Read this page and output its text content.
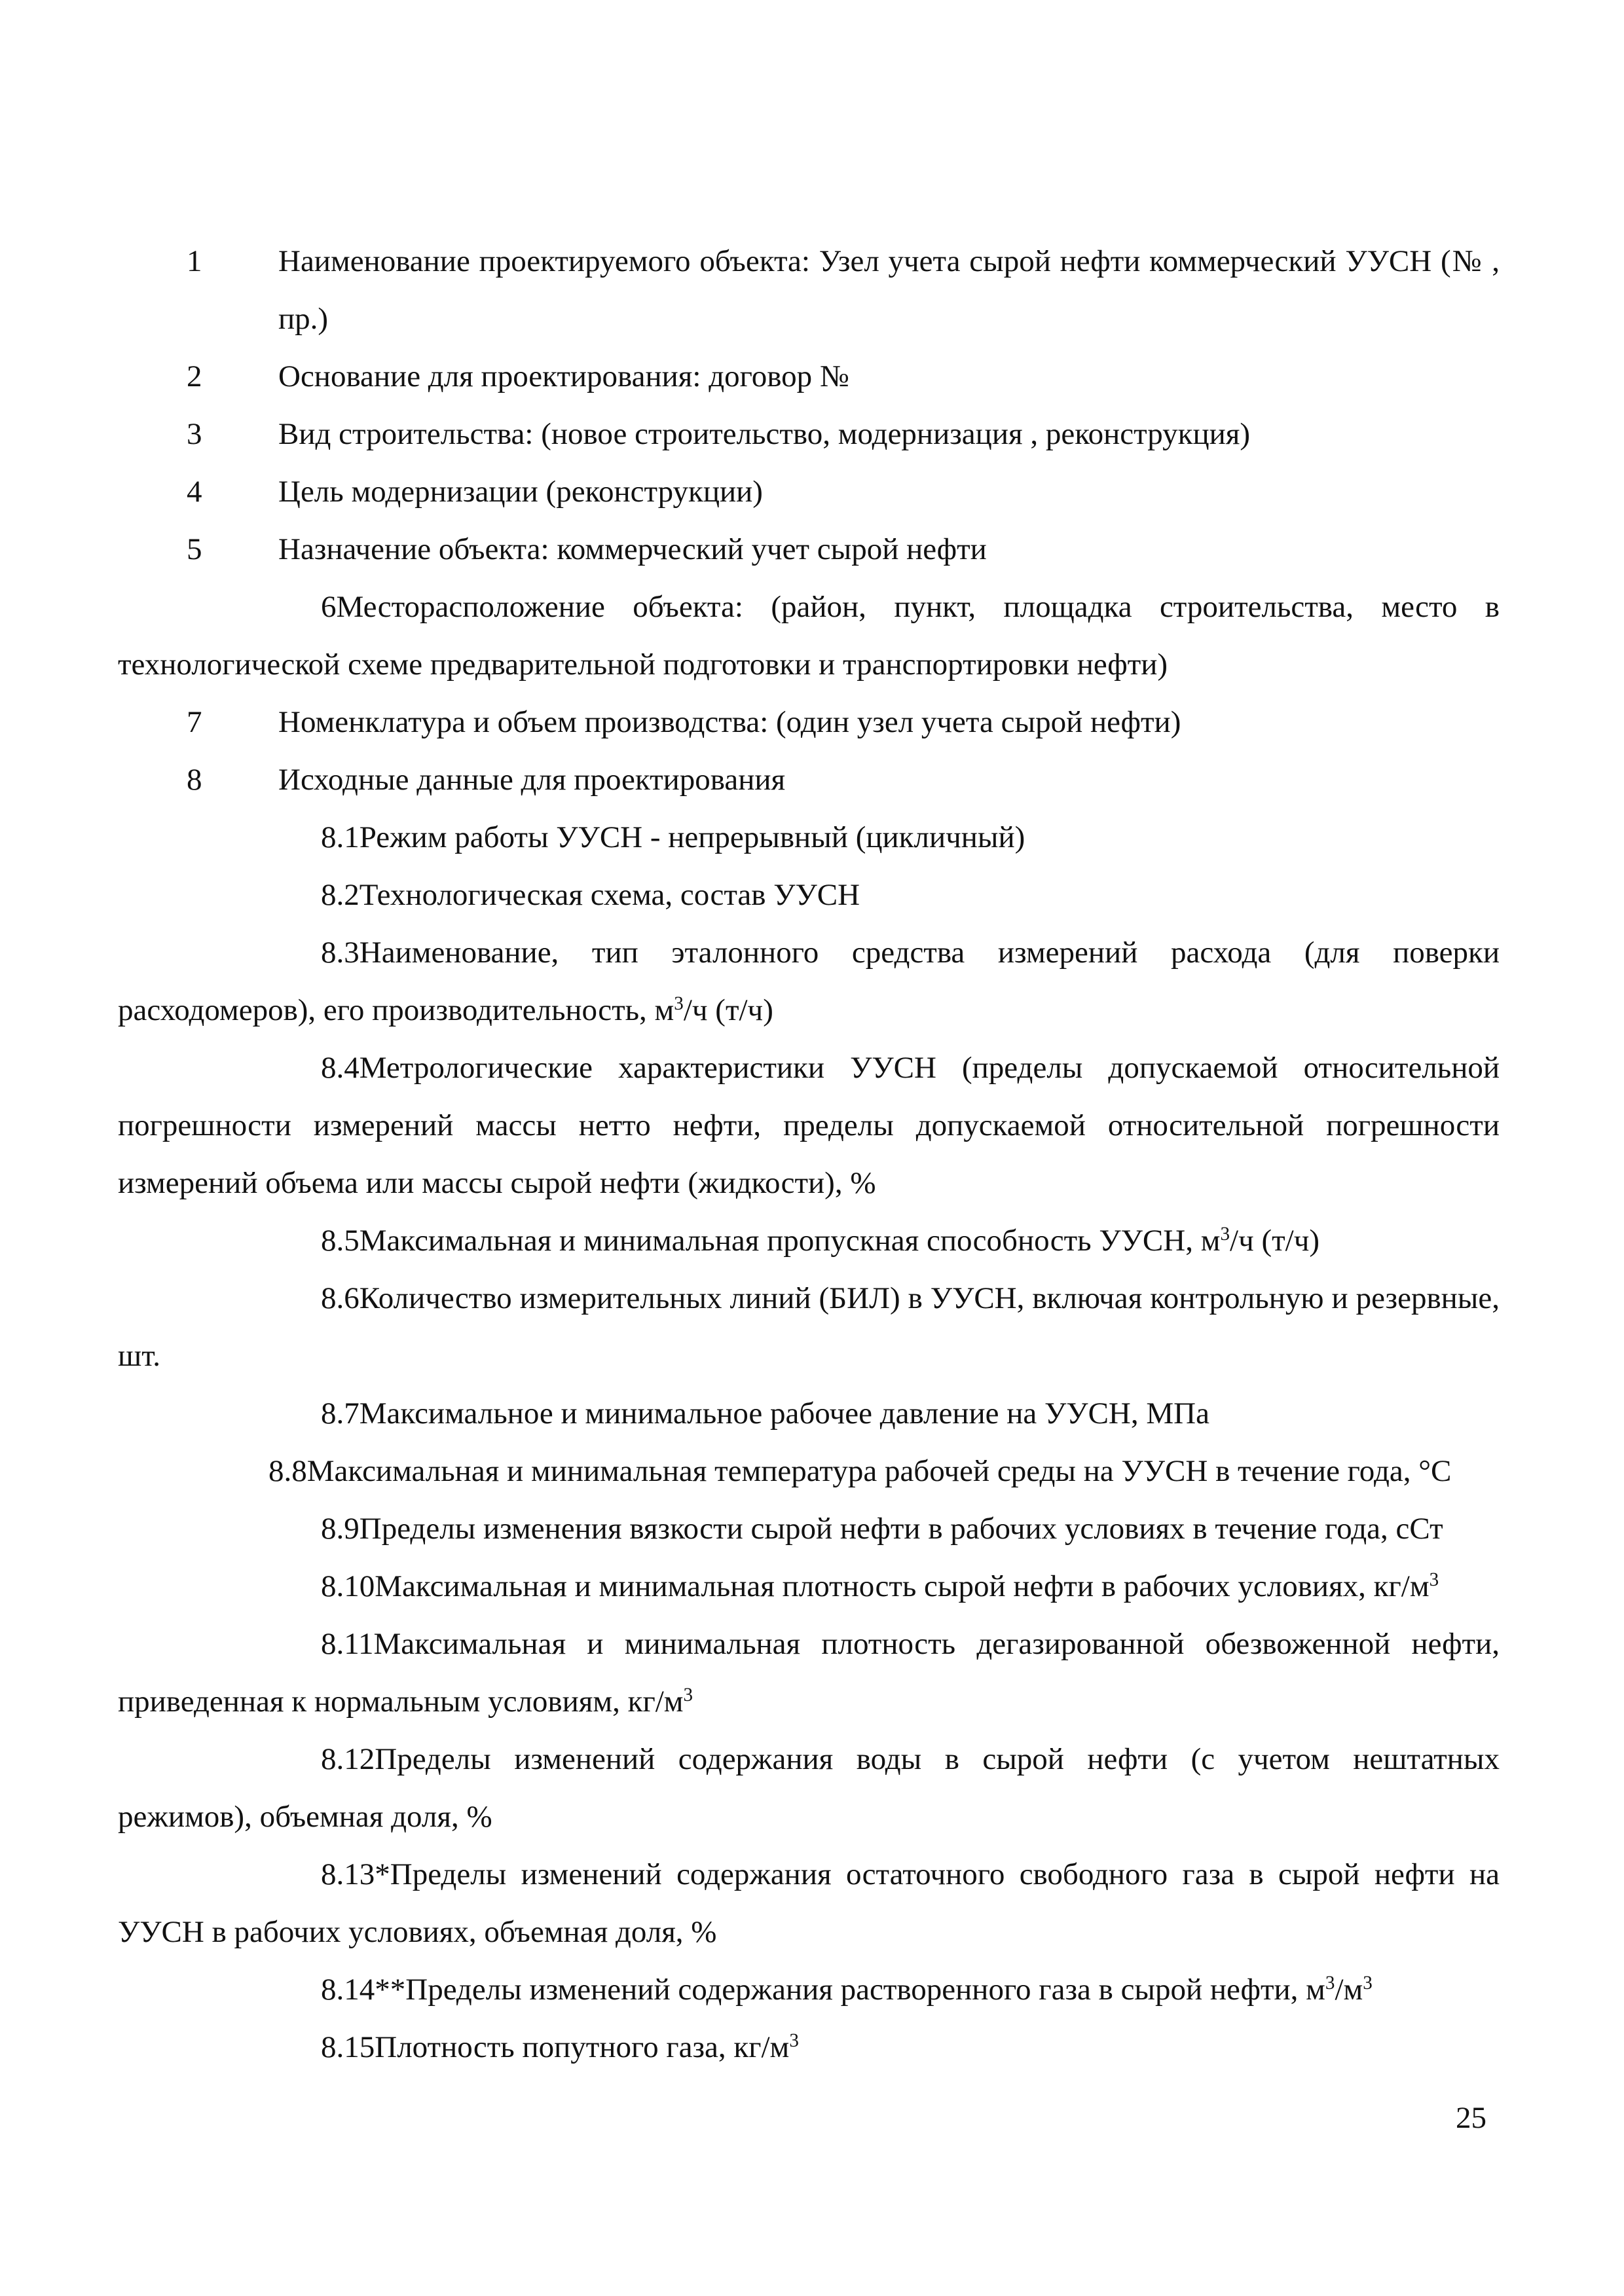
1 Наименование проектируемого объекта: Узел учета сырой нефти коммерческий УУСН (№ , пр.)

2 Основание для проектирования: договор №

3 Вид строительства: (новое строительство, модернизация , реконструкция)

4 Цель модернизации (реконструкции)

5 Назначение объекта: коммерческий учет сырой нефти

6Месторасположение объекта: (район, пункт, площадка строительства, место в технологической схеме предварительной подготовки и транспортировки нефти)

7 Номенклатура и объем производства: (один узел учета сырой нефти)

8 Исходные данные для проектирования

8.1Режим работы УУСН - непрерывный (цикличный)

8.2Технологическая схема, состав УУСН

8.3Наименование, тип эталонного средства измерений расхода (для поверки расходомеров), его производительность, $м^3/ч$ (т/ч)

8.4Метрологические характеристики УУСН (пределы допускаемой относительной погрешности измерений массы нетто нефти, пределы допускаемой относительной погрешности измерений объема или массы сырой нефти (жидкости), %

8.5Максимальная и минимальная пропускная способность УУСН, $м^3/ч$ (т/ч)

8.6Количество измерительных линий (БИЛ) в УУСН, включая контрольную и резервные, шт.

8.7Максимальное и минимальное рабочее давление на УУСН, МПа

8.8Максимальная и минимальная температура рабочей среды на УУСН в течение года, °С

8.9Пределы изменения вязкости сырой нефти в рабочих условиях в течение года, сСт

8.10Максимальная и минимальная плотность сырой нефти в рабочих условиях, $кг/м^3$

8.11Максимальная и минимальная плотность дегазированной обезвоженной нефти, приведенная к нормальным условиям, $кг/м^3$

8.12Пределы изменений содержания воды в сырой нефти (с учетом нештатных режимов), объемная доля, %

8.13*Пределы изменений содержания остаточного свободного газа в сырой нефти на УУСН в рабочих условиях, объемная доля, %

8.14**Пределы изменений содержания растворенного газа в сырой нефти, $м^3/м^3$

8.15Плотность попутного газа, $кг/м^3$

25
